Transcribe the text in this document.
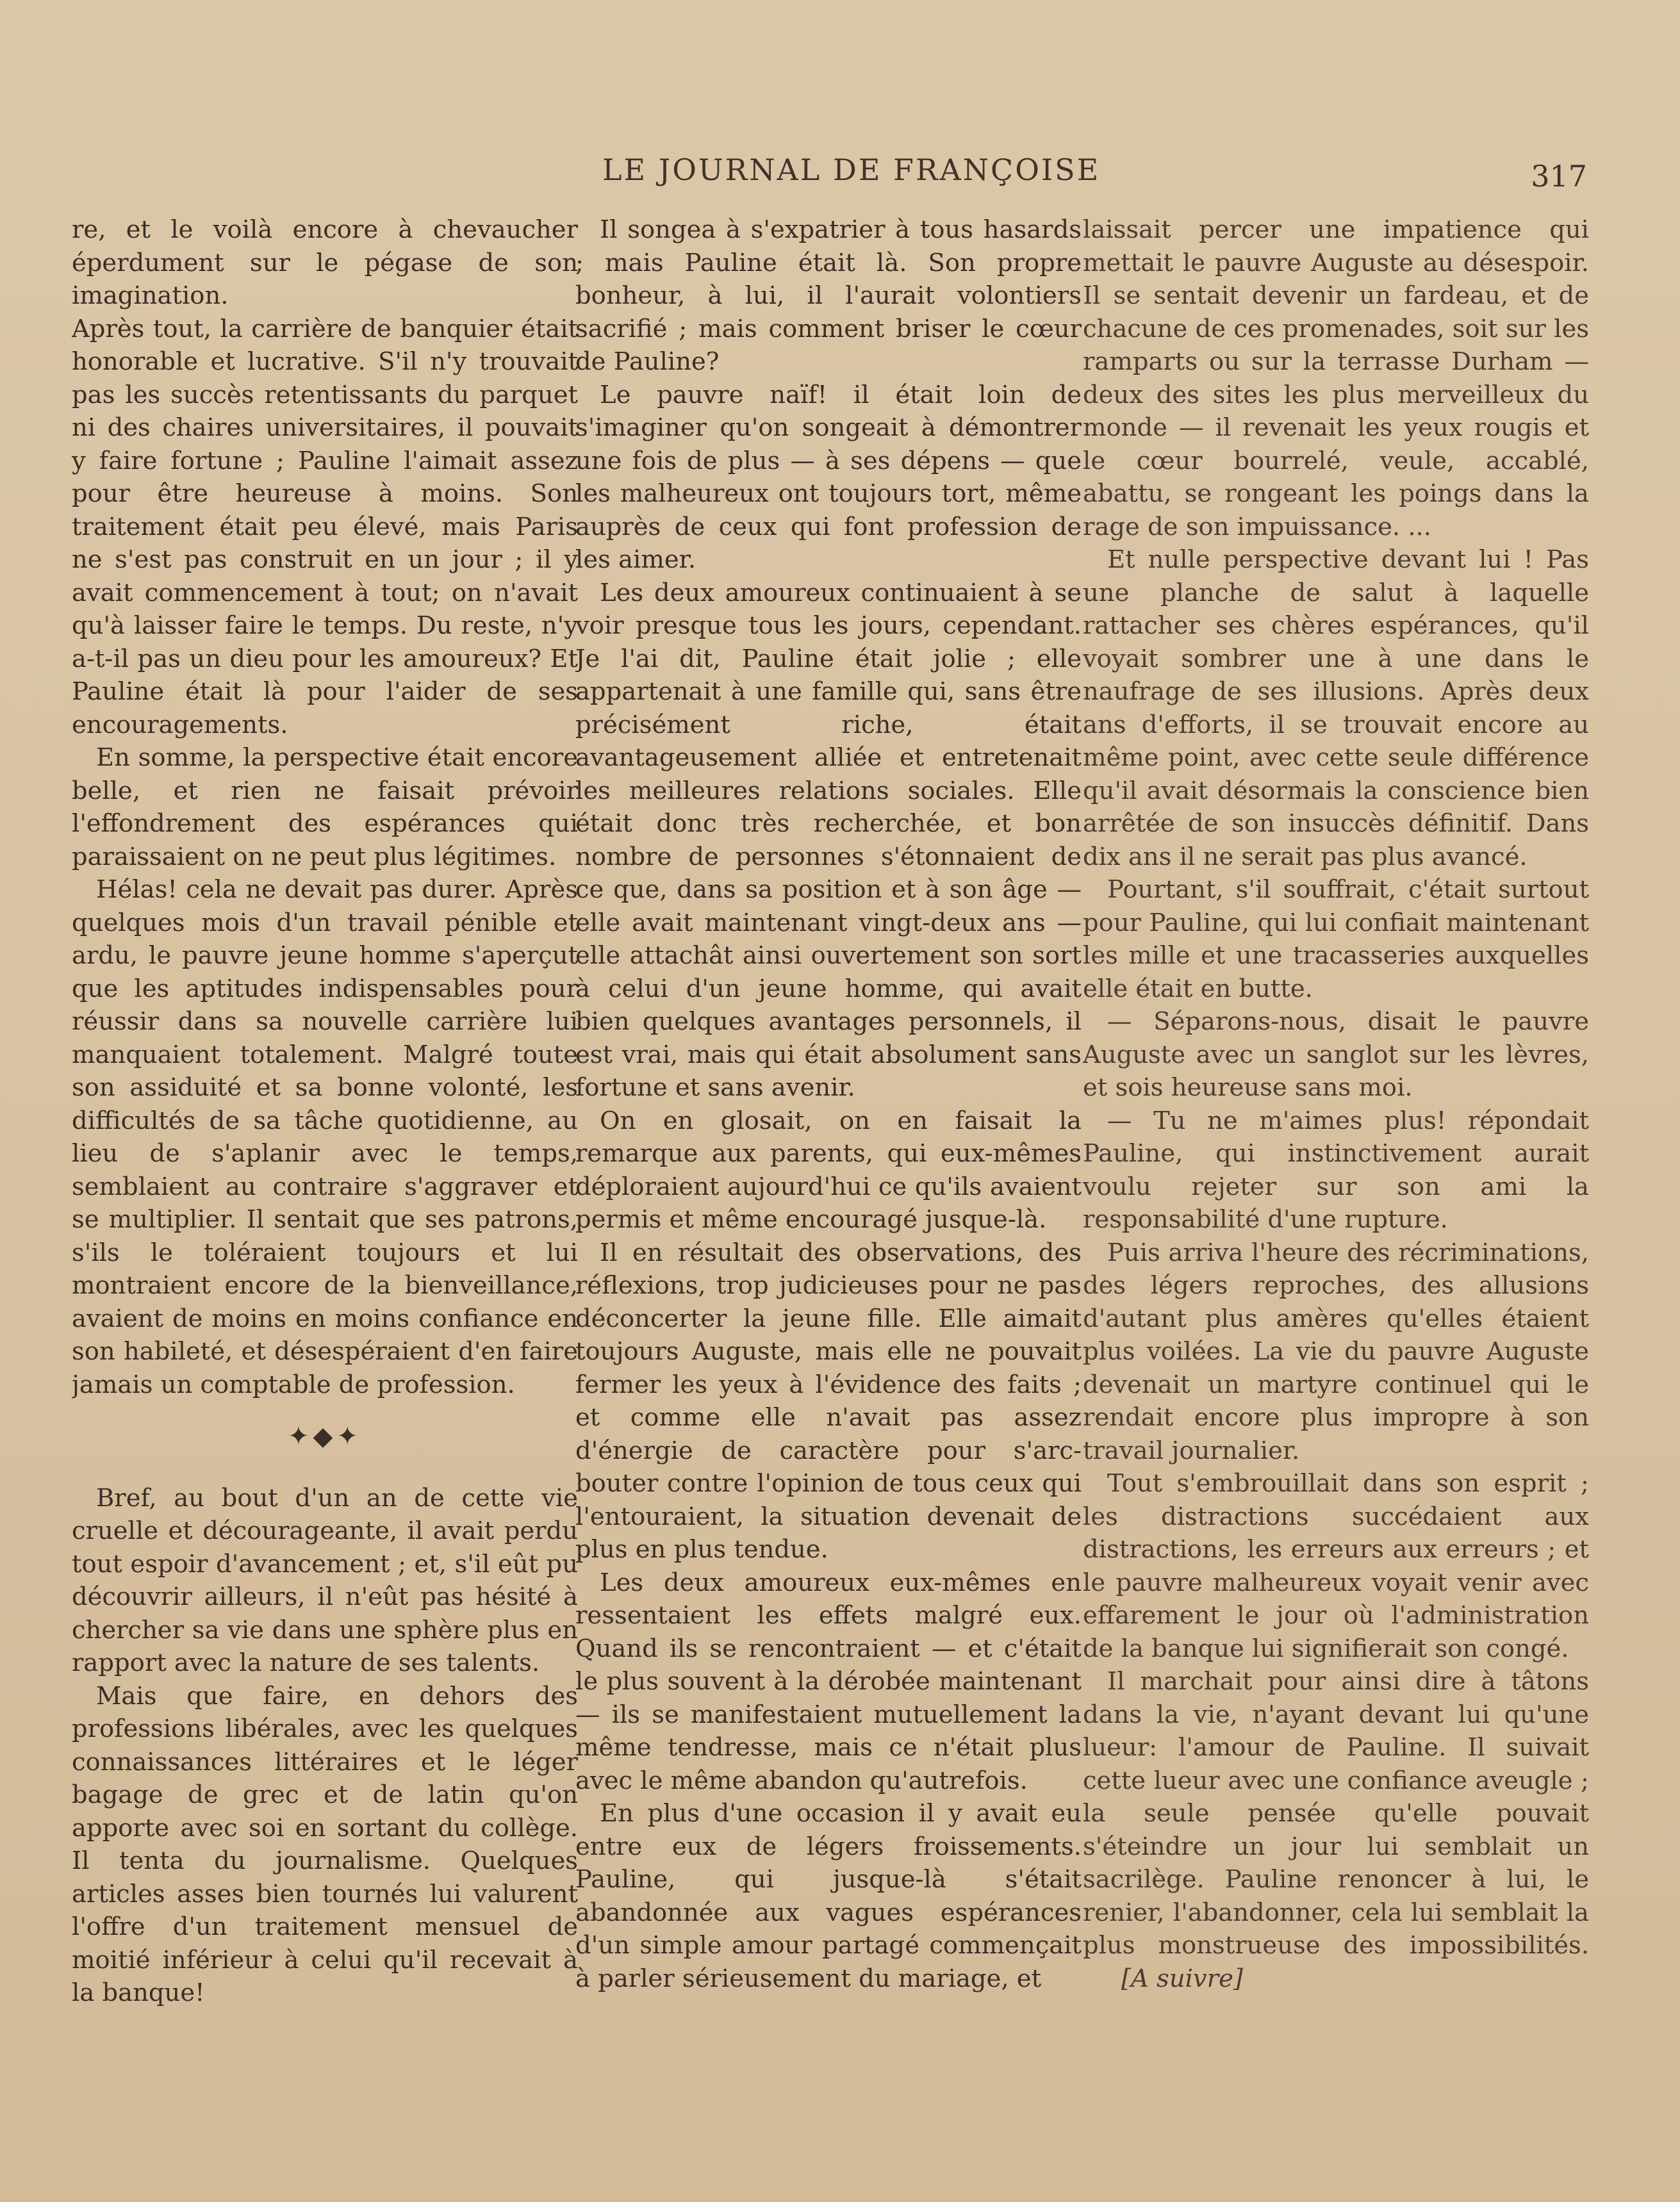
LE JOURNAL DE FRANÇOISE	317

re, et le voilà encore à chevaucher éperdument sur le pégase de son imagination.

Après tout, la carrière de banquier était honorable et lucrative. S'il n'y trouvait pas les succès retentissants du parquet ni des chaires universitaires, il pouvait y faire fortune ; Pauline l'aimait assez pour être heureuse à moins. Son traitement était peu élevé, mais Paris ne s'est pas construit en un jour ; il y avait commencement à tout; on n'avait qu'à laisser faire le temps. Du reste, n'y a-t-il pas un dieu pour les amoureux? Et Pauline était là pour l'aider de ses encouragements.

En somme, la perspective était encore belle, et rien ne faisait prévoir l'effondrement des espérances qui paraissaient on ne peut plus légitimes.

Hélas! cela ne devait pas durer. Après quelques mois d'un travail pénible et ardu, le pauvre jeune homme s'aperçut que les aptitudes indispensables pour réussir dans sa nouvelle carrière lui manquaient totalement. Malgré toute son assiduité et sa bonne volonté, les difficultés de sa tâche quotidienne, au lieu de s'aplanir avec le temps, semblaient au contraire s'aggraver et se multiplier. Il sentait que ses patrons, s'ils le toléraient toujours et lui montraient encore de la bienveillance, avaient de moins en moins confiance en son habileté, et désespéraient d'en faire jamais un comptable de profession.

✦◆✦

Bref, au bout d'un an de cette vie cruelle et décourageante, il avait perdu tout espoir d'avancement ; et, s'il eût pu découvrir ailleurs, il n'eût pas hésité à chercher sa vie dans une sphère plus en rapport avec la nature de ses talents.

Mais que faire, en dehors des professions libérales, avec les quelques connaissances littéraires et le léger bagage de grec et de latin qu'on apporte avec soi en sortant du collège. Il tenta du journalisme. Quelques articles asses bien tournés lui valurent l'offre d'un traitement mensuel de moitié inférieur à celui qu'il recevait à la banque!

Il songea à s'expatrier à tous hasards ; mais Pauline était là. Son propre bonheur, à lui, il l'aurait volontiers sacrifié ; mais comment briser le cœur de Pauline?

Le pauvre naïf! il était loin de s'imaginer qu'on songeait à démontrer une fois de plus — à ses dépens — que les malheureux ont toujours tort, même auprès de ceux qui font profession de les aimer.

Les deux amoureux continuaient à se voir presque tous les jours, cependant. Je l'ai dit, Pauline était jolie ; elle appartenait à une famille qui, sans être précisément riche, était avantageusement alliée et entretenait les meilleures relations sociales. Elle était donc très recherchée, et bon nombre de personnes s'étonnaient de ce que, dans sa position et à son âge — elle avait maintenant vingt-deux ans — elle attachât ainsi ouvertement son sort à celui d'un jeune homme, qui avait bien quelques avantages personnels, il est vrai, mais qui était absolument sans fortune et sans avenir.

On en glosait, on en faisait la remarque aux parents, qui eux-mêmes déploraient aujourd'hui ce qu'ils avaient permis et même encouragé jusque-là.

Il en résultait des observations, des réflexions, trop judicieuses pour ne pas déconcerter la jeune fille. Elle aimait toujours Auguste, mais elle ne pouvait fermer les yeux à l'évidence des faits ; et comme elle n'avait pas assez d'énergie de caractère pour s'arc-bouter contre l'opinion de tous ceux qui l'entouraient, la situation devenait de plus en plus tendue.

Les deux amoureux eux-mêmes en ressentaient les effets malgré eux. Quand ils se rencontraient — et c'était le plus souvent à la dérobée maintenant — ils se manifestaient mutuellement la même tendresse, mais ce n'était plus avec le même abandon qu'autrefois.

En plus d'une occasion il y avait eu entre eux de légers froissements. Pauline, qui jusque-là s'était abandonnée aux vagues espérances d'un simple amour partagé commençait à parler sérieusement du mariage, et

laissait percer une impatience qui mettait le pauvre Auguste au désespoir. Il se sentait devenir un fardeau, et de chacune de ces promenades, soit sur les ramparts ou sur la terrasse Durham — deux des sites les plus merveilleux du monde — il revenait les yeux rougis et le cœur bourrelé, veule, accablé, abattu, se rongeant les poings dans la rage de son impuissance. ...

Et nulle perspective devant lui ! Pas une planche de salut à laquelle rattacher ses chères espérances, qu'il voyait sombrer une à une dans le naufrage de ses illusions. Après deux ans d'efforts, il se trouvait encore au même point, avec cette seule différence qu'il avait désormais la conscience bien arrêtée de son insuccès définitif. Dans dix ans il ne serait pas plus avancé.

Pourtant, s'il souffrait, c'était surtout pour Pauline, qui lui confiait maintenant les mille et une tracasseries auxquelles elle était en butte.

— Séparons-nous, disait le pauvre Auguste avec un sanglot sur les lèvres, et sois heureuse sans moi.

— Tu ne m'aimes plus! répondait Pauline, qui instinctivement aurait voulu rejeter sur son ami la responsabilité d'une rupture.

Puis arriva l'heure des récriminations, des légers reproches, des allusions d'autant plus amères qu'elles étaient plus voilées. La vie du pauvre Auguste devenait un martyre continuel qui le rendait encore plus impropre à son travail journalier.

Tout s'embrouillait dans son esprit ; les distractions succédaient aux distractions, les erreurs aux erreurs ; et le pauvre malheureux voyait venir avec effarement le jour où l'administration de la banque lui signifierait son congé.

Il marchait pour ainsi dire à tâtons dans la vie, n'ayant devant lui qu'une lueur: l'amour de Pauline. Il suivait cette lueur avec une confiance aveugle ; la seule pensée qu'elle pouvait s'éteindre un jour lui semblait un sacrilège. Pauline renoncer à lui, le renier, l'abandonner, cela lui semblait la plus monstrueuse des impossibilités. [A suivre]
